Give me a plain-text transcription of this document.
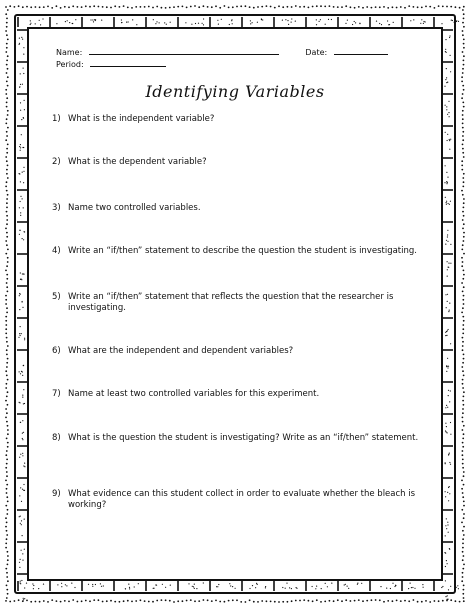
Name:	Date:
Period:
Identifying Variables
1) What is the independent variable?
2) What is the dependent variable?
3) Name two controlled variables.
4) Write an “if/then” statement to describe the question the student is investigating.
5) Write an “if/then” statement that reflects the question that the researcher is investigating.
6) What are the independent and dependent variables?
7) Name at least two controlled variables for this experiment.
8) What is the question the student is investigating? Write as an “if/then” statement.
9) What evidence can this student collect in order to evaluate whether the bleach is working?
